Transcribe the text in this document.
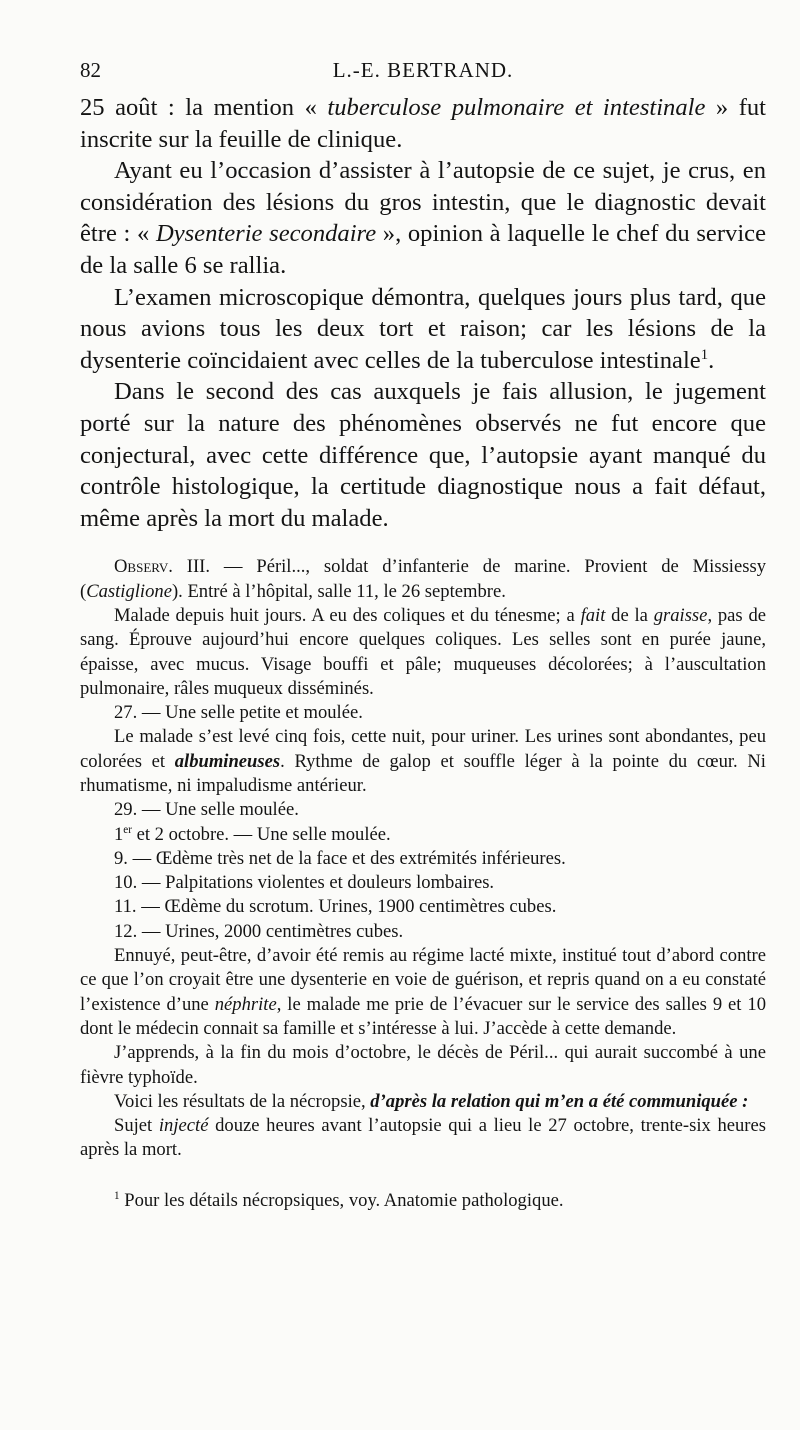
82	L.-E. BERTRAND.

25 août : la mention « tuberculose pulmonaire et intestinale » fut inscrite sur la feuille de clinique.

Ayant eu l’occasion d’assister à l’autopsie de ce sujet, je crus, en considération des lésions du gros intestin, que le diagnostic devait être : « Dysenterie secondaire », opinion à laquelle le chef du service de la salle 6 se rallia.

L’examen microscopique démontra, quelques jours plus tard, que nous avions tous les deux tort et raison; car les lésions de la dysenterie coïncidaient avec celles de la tuberculose intestinale$^1$.

Dans le second des cas auxquels je fais allusion, le jugement porté sur la nature des phénomènes observés ne fut encore que conjectural, avec cette différence que, l’autopsie ayant manqué du contrôle histologique, la certitude diagnostique nous a fait défaut, même après la mort du malade.

Observ. III. — Péril..., soldat d’infanterie de marine. Provient de Missiessy (Castiglione). Entré à l’hôpital, salle 11, le 26 septembre.

Malade depuis huit jours. A eu des coliques et du ténesme; a fait de la graisse, pas de sang. Éprouve aujourd’hui encore quelques coliques. Les selles sont en purée jaune, épaisse, avec mucus. Visage bouffi et pâle; muqueuses décolorées; à l’auscultation pulmonaire, râles muqueux disséminés.

27. — Une selle petite et moulée.

Le malade s’est levé cinq fois, cette nuit, pour uriner. Les urines sont abondantes, peu colorées et albumineuses. Rythme de galop et souffle léger à la pointe du cœur. Ni rhumatisme, ni impaludisme antérieur.

29. — Une selle moulée.

1er et 2 octobre. — Une selle moulée.

9. — Œdème très net de la face et des extrémités inférieures.

10. — Palpitations violentes et douleurs lombaires.

11. — Œdème du scrotum. Urines, 1900 centimètres cubes.

12. — Urines, 2000 centimètres cubes.

Ennuyé, peut-être, d’avoir été remis au régime lacté mixte, institué tout d’abord contre ce que l’on croyait être une dysenterie en voie de guérison, et repris quand on a eu constaté l’existence d’une néphrite, le malade me prie de l’évacuer sur le service des salles 9 et 10 dont le médecin connait sa famille et s’intéresse à lui. J’accède à cette demande.

J’apprends, à la fin du mois d’octobre, le décès de Péril... qui aurait succombé à une fièvre typhoïde.

Voici les résultats de la nécropsie, d’après la relation qui m’en a été communiquée :

Sujet injecté douze heures avant l’autopsie qui a lieu le 27 octobre, trente-six heures après la mort.

$^1$ Pour les détails nécropsiques, voy. Anatomie pathologique.
